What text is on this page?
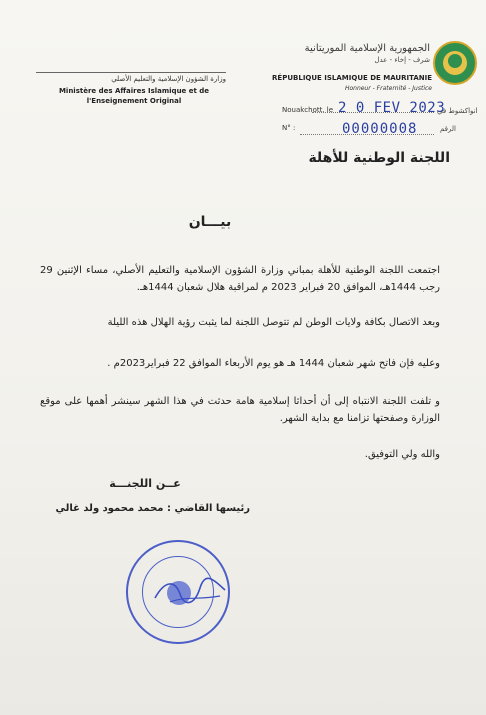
الجمهورية الإسلامية الموريتانية
شرف - إخاء - عدل
RÉPUBLIQUE ISLAMIQUE DE MAURITANIE
Honneur - Fraternité - Justice
وزارة الشؤون الإسلامية والتعليم الأصلي
Ministère des Affaires Islamique et de l'Enseignement Original
Nouakchott, le 2 0 FEV 2023
انواكشوط في
N° :	00000008	الرقم
اللجنة الوطنية للأهلة
بيـــان
اجتمعت اللجنة الوطنية للأهلة بمباني وزارة الشؤون الإسلامية والتعليم الأصلي، مساء الإثنين 29 رجب 1444هـ، الموافق 20 فبراير 2023 م لمراقبة هلال شعبان 1444هـ.
وبعد الاتصال بكافة ولايات الوطن لم تتوصل اللجنة لما يثبت رؤية الهلال هذه الليلة
وعليه فإن فاتح شهر شعبان 1444 هـ هو يوم الأربعاء الموافق 22 فبراير2023م .
و تلفت اللجنة الانتباه إلى أن أحداثا إسلامية هامة حدثت في هذا الشهر سينشر أهمها على موقع الوزارة وصفحتها تزامنا مع بداية الشهر.
والله ولي التوفيق.
عــن اللجنـــة
رئيسها القاضي : محمد محمود ولد غالي
